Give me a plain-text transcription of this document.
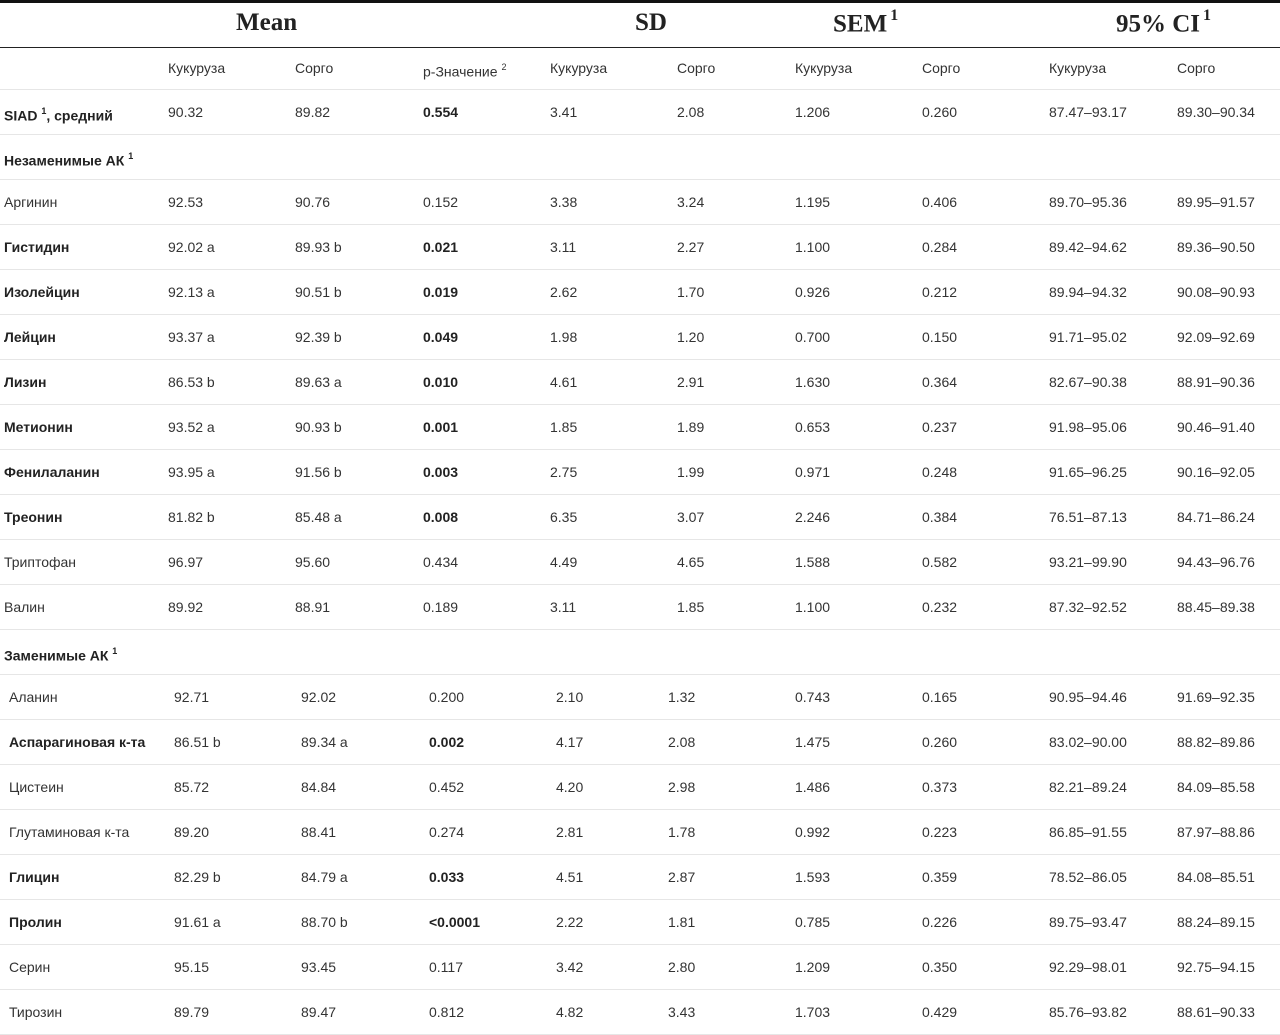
Mean	SD	SEM $^1$	95% CI $^1$
Кукуруза	Сорго	p-Значение $^2$	Кукуруза	Сорго	Кукуруза	Сорго	Кукуруза	Сорго
SIAD $^1$, средний	90.32	89.82	0.554	3.41	2.08	1.206	0.260	87.47–93.17	89.30–90.34
Незаменимые АК $^1$
Аргинин	92.53	90.76	0.152	3.38	3.24	1.195	0.406	89.70–95.36	89.95–91.57
Гистидин	92.02 a	89.93 b	0.021	3.11	2.27	1.100	0.284	89.42–94.62	89.36–90.50
Изолейцин	92.13 a	90.51 b	0.019	2.62	1.70	0.926	0.212	89.94–94.32	90.08–90.93
Лейцин	93.37 a	92.39 b	0.049	1.98	1.20	0.700	0.150	91.71–95.02	92.09–92.69
Лизин	86.53 b	89.63 a	0.010	4.61	2.91	1.630	0.364	82.67–90.38	88.91–90.36
Метионин	93.52 a	90.93 b	0.001	1.85	1.89	0.653	0.237	91.98–95.06	90.46–91.40
Фенилаланин	93.95 a	91.56 b	0.003	2.75	1.99	0.971	0.248	91.65–96.25	90.16–92.05
Треонин	81.82 b	85.48 a	0.008	6.35	3.07	2.246	0.384	76.51–87.13	84.71–86.24
Триптофан	96.97	95.60	0.434	4.49	4.65	1.588	0.582	93.21–99.90	94.43–96.76
Валин	89.92	88.91	0.189	3.11	1.85	1.100	0.232	87.32–92.52	88.45–89.38
Заменимые АК $^1$
Аланин	92.71	92.02	0.200	2.10	1.32	0.743	0.165	90.95–94.46	91.69–92.35
Аспарагиновая к-та 86.51 b	89.34 a	0.002	4.17	2.08	1.475	0.260	83.02–90.00	88.82–89.86
Цистеин	85.72	84.84	0.452	4.20	2.98	1.486	0.373	82.21–89.24	84.09–85.58
Глутаминовая к-та	89.20	88.41	0.274	2.81	1.78	0.992	0.223	86.85–91.55	87.97–88.86
Глицин	82.29 b	84.79 a	0.033	4.51	2.87	1.593	0.359	78.52–86.05	84.08–85.51
Пролин	91.61 a	88.70 b	<0.0001	2.22	1.81	0.785	0.226	89.75–93.47	88.24–89.15
Серин	95.15	93.45	0.117	3.42	2.80	1.209	0.350	92.29–98.01	92.75–94.15
Тирозин	89.79	89.47	0.812	4.82	3.43	1.703	0.429	85.76–93.82	88.61–90.33
